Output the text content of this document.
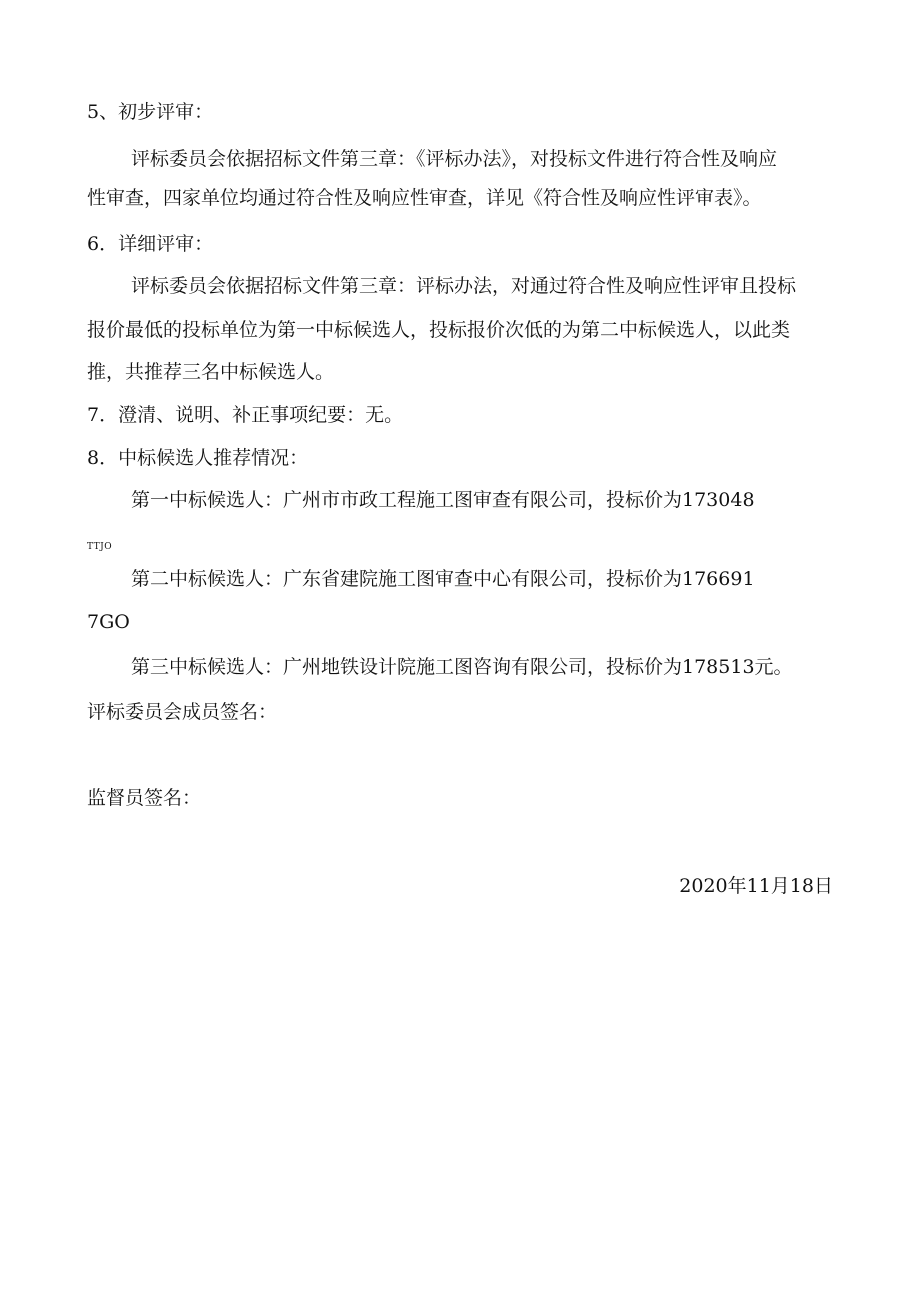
5、初步评审：
评标委员会依据招标文件第三章：《评标办法》，对投标文件进行符合性及响应
性审查，四家单位均通过符合性及响应性审查，详见《符合性及响应性评审表》。
6．详细评审：
评标委员会依据招标文件第三章：评标办法，对通过符合性及响应性评审且投标
报价最低的投标单位为第一中标候选人，投标报价次低的为第二中标候选人，以此类
推，共推荐三名中标候选人。
7．澄清、说明、补正事项纪要：无。
8．中标候选人推荐情况：
第一中标候选人：广州市市政工程施工图审查有限公司，投标价为173048
TTJO
第二中标候选人：广东省建院施工图审查中心有限公司，投标价为176691
7GO
第三中标候选人：广州地铁设计院施工图咨询有限公司，投标价为178513元。
评标委员会成员签名：
监督员签名：
2020年11月18日
